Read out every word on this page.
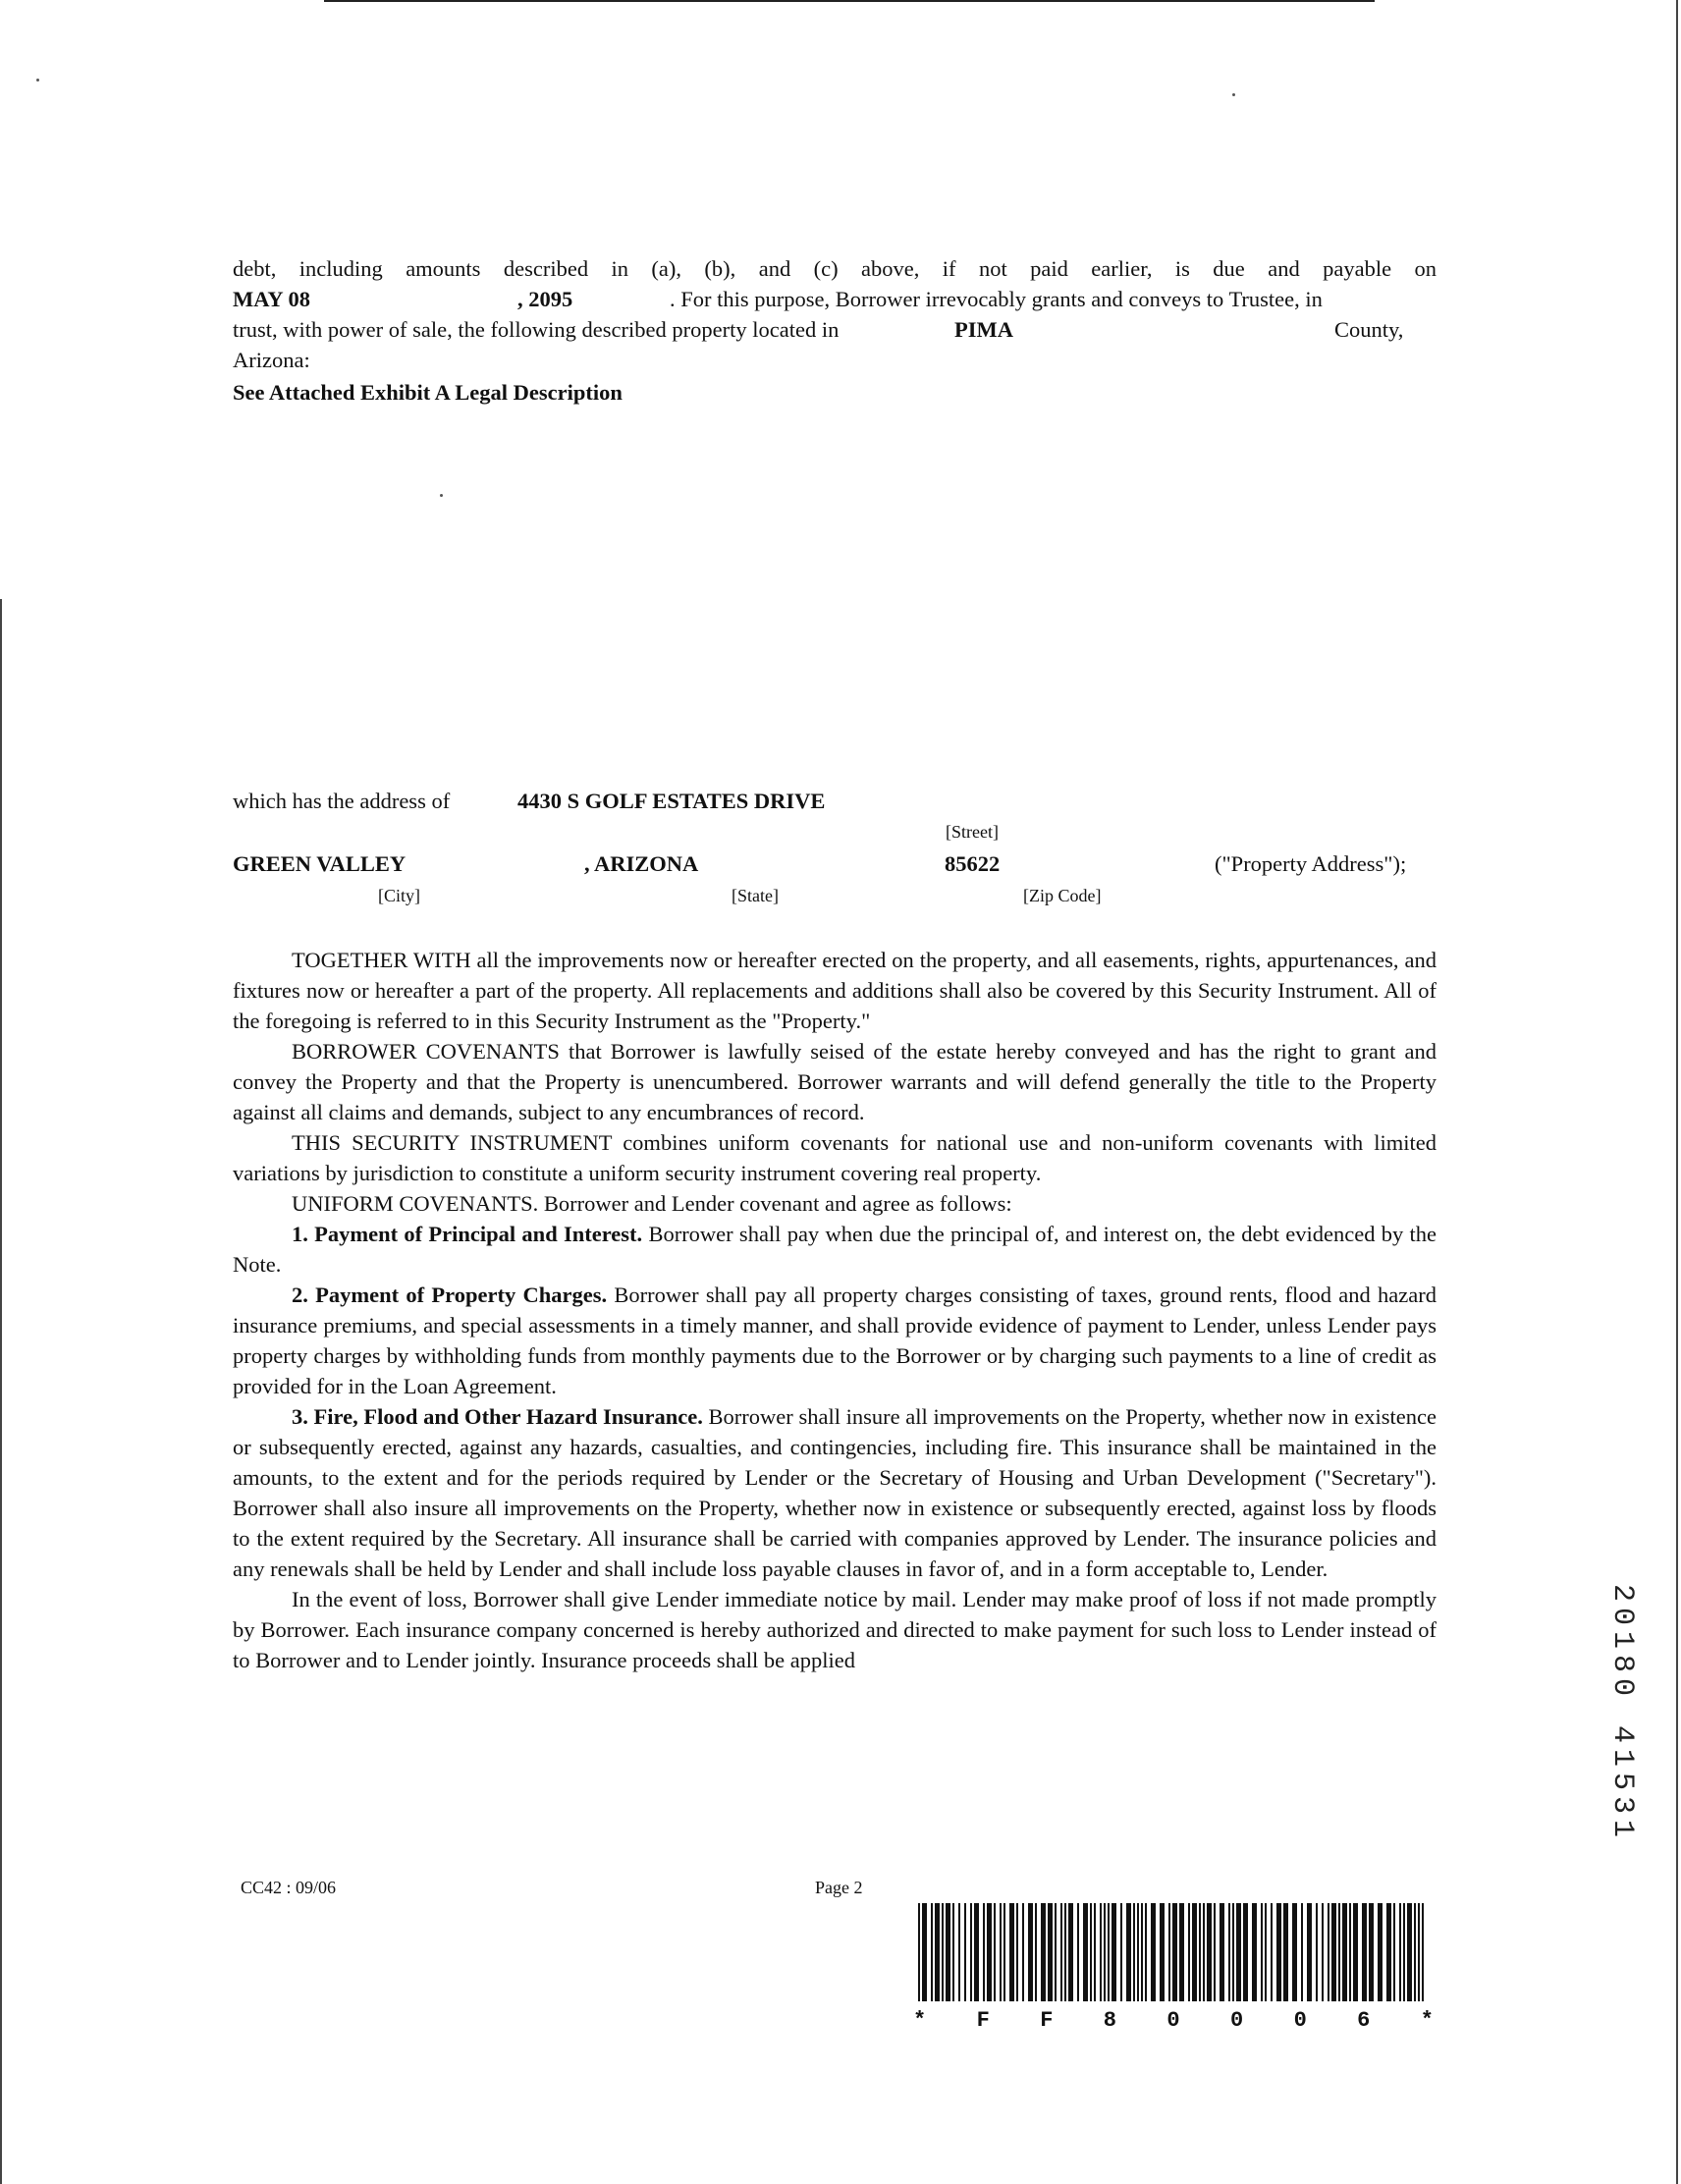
debt, including amounts described in (a), (b), and (c) above, if not paid earlier, is due and payable on
MAY 08	, 2095	. For this purpose, Borrower irrevocably grants and conveys to Trustee, in
trust, with power of sale, the following described property located in	PIMA	County,
Arizona:
See Attached Exhibit A Legal Description
which has the address of	4430 S GOLF ESTATES DRIVE
[Street]
GREEN VALLEY	, ARIZONA	85622	("Property Address");
[City]	[State]	[Zip Code]

TOGETHER WITH all the improvements now or hereafter erected on the property, and all easements, rights, appurtenances, and fixtures now or hereafter a part of the property. All replacements and additions shall also be covered by this Security Instrument. All of the foregoing is referred to in this Security Instrument as the "Property."

BORROWER COVENANTS that Borrower is lawfully seised of the estate hereby conveyed and has the right to grant and convey the Property and that the Property is unencumbered. Borrower warrants and will defend generally the title to the Property against all claims and demands, subject to any encumbrances of record.

THIS SECURITY INSTRUMENT combines uniform covenants for national use and non-uniform covenants with limited variations by jurisdiction to constitute a uniform security instrument covering real property.

UNIFORM COVENANTS. Borrower and Lender covenant and agree as follows:

1. Payment of Principal and Interest. Borrower shall pay when due the principal of, and interest on, the debt evidenced by the Note.

2. Payment of Property Charges. Borrower shall pay all property charges consisting of taxes, ground rents, flood and hazard insurance premiums, and special assessments in a timely manner, and shall provide evidence of payment to Lender, unless Lender pays property charges by withholding funds from monthly payments due to the Borrower or by charging such payments to a line of credit as provided for in the Loan Agreement.

3. Fire, Flood and Other Hazard Insurance. Borrower shall insure all improvements on the Property, whether now in existence or subsequently erected, against any hazards, casualties, and contingencies, including fire. This insurance shall be maintained in the amounts, to the extent and for the periods required by Lender or the Secretary of Housing and Urban Development ("Secretary"). Borrower shall also insure all improvements on the Property, whether now in existence or subsequently erected, against loss by floods to the extent required by the Secretary. All insurance shall be carried with companies approved by Lender. The insurance policies and any renewals shall be held by Lender and shall include loss payable clauses in favor of, and in a form acceptable to, Lender.

In the event of loss, Borrower shall give Lender immediate notice by mail. Lender may make proof of loss if not made promptly by Borrower. Each insurance company concerned is hereby authorized and directed to make payment for such loss to Lender instead of to Borrower and to Lender jointly. Insurance proceeds shall be applied

CC42 : 09/06	Page 2
* F F 8 0 0 0 6 *
20180 41531
